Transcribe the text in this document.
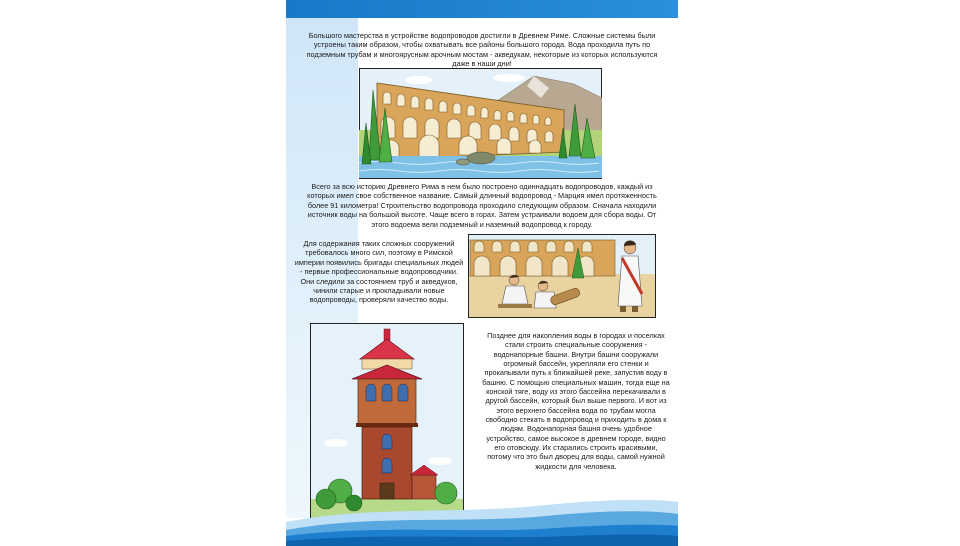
Большого мастерства в устройстве водопроводов достигли в Древнем Риме. Сложные системы были устроены таким образом, чтобы охватывать все районы большого города. Вода проходила путь по подземным трубам и многоярусным арочным мостам - акведукам, некоторые из которых используются даже в наши дни!

Всего за всю историю Древнего Рима в нем было построено одиннадцать водопроводов, каждый из которых имел свое собственное название. Самый длинный водопровод - Марция имел протяженность более 91 километра! Строительство водопровода проходило следующим образом. Сначала находили источник воды на большой высоте. Чаще всего в горах. Затем устраивали водоем для сбора воды. От этого водоема вели подземный и наземный водопровод к городу.

Для содержания таких сложных сооружений требовалось много сил, поэтому в Римской империи появились бригады специальных людей - первые профессиональные водопроводчики. Они следили за состоянием труб и акведуков, чинили старые и прокладывали новые водопроводы, проверяли качество воды.

Позднее для накопления воды в городах и поселках стали строить специальные сооружения - водонапорные башни. Внутри башни сооружали огромный бассейн, укрепляли его стенки и прокапывали путь к ближайшей реке, запустив воду в башню. С помощью специальных машин, тогда еще на конской тяге, воду из этого бассейна перекачивали в другой бассейн, который был выше первого. И вот из этого верхнего бассейна вода по трубам могла свободно стекать в водопровод и приходить в дома к людям. Водонапорная башня очень удобное устройство, самое высокое в древнем городе, видно его отовсюду. Их старались строить красивыми, потому что это был дворец для воды, самой нужной жидкости для человека.
